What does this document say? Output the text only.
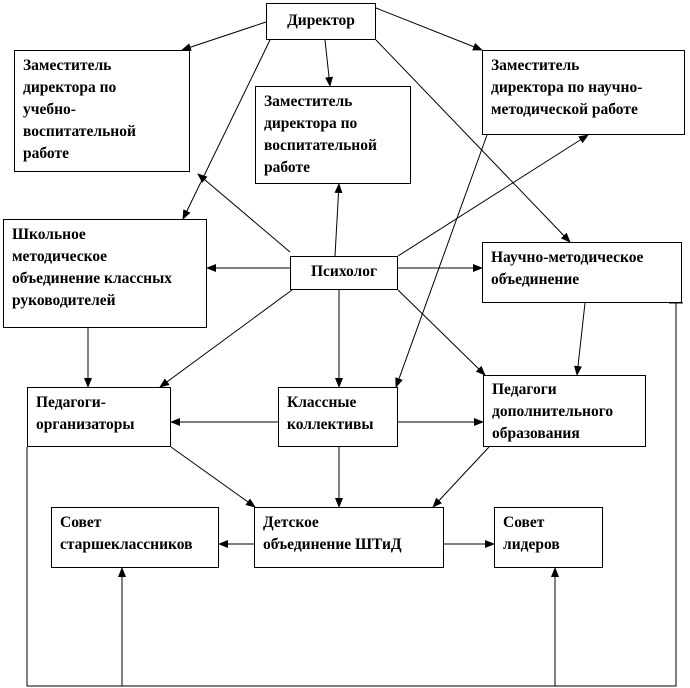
Директор
Заместитель
директора по
учебно-
воспитательной
работе
Заместитель
директора по
воспитательной
работе
Заместитель
директора по научно-
методической работе
Школьное
методическое
объединение классных
руководителей
Психолог
Научно-методическое
объединение
Педагоги-
организаторы
Классные
коллективы
Педагоги
дополнительного
образования
Совет
старшеклассников
Детское
объединение ШТиД
Совет
лидеров
